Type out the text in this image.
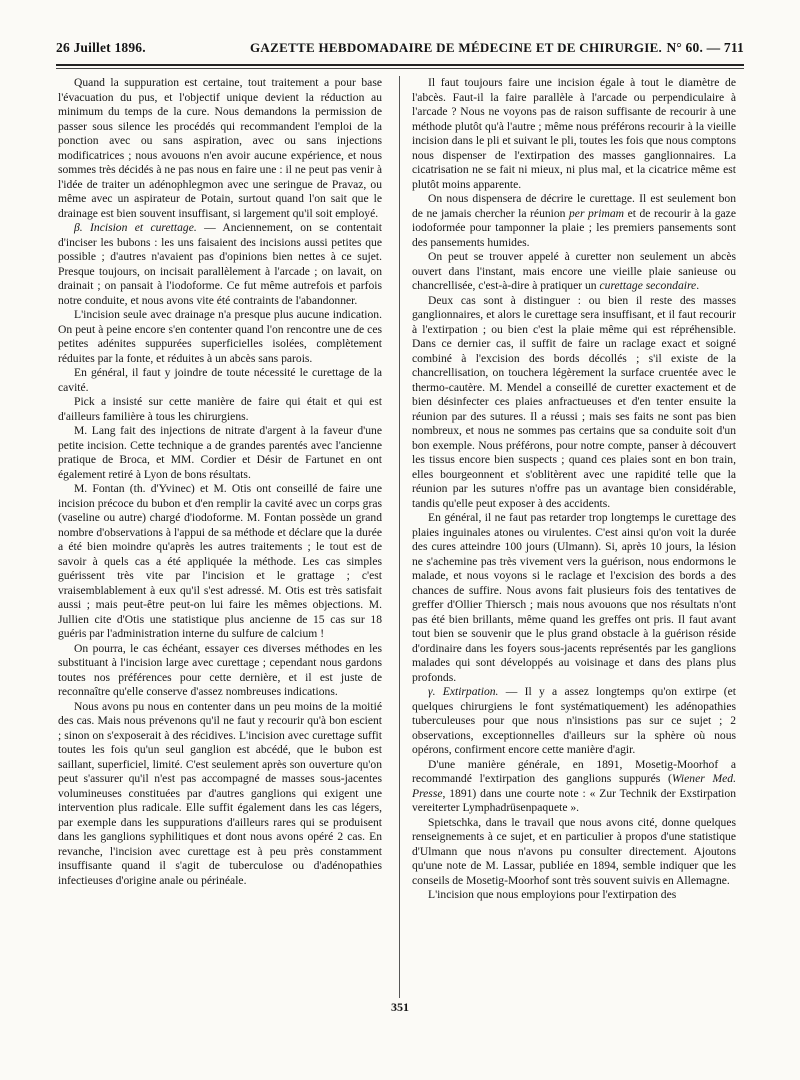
26 Juillet 1896.	GAZETTE HEBDOMADAIRE DE MÉDECINE ET DE CHIRURGIE. N° 60. — 711

Quand la suppuration est certaine, tout traitement a pour base l'évacuation du pus, et l'objectif unique devient la réduction au minimum du temps de la cure. Nous demandons la permission de passer sous silence les procédés qui recommandent l'emploi de la ponction avec ou sans aspiration, avec ou sans injections modificatrices ; nous avouons n'en avoir aucune expérience, et nous sommes très décidés à ne pas nous en faire une : il ne peut pas venir à l'idée de traiter un adénophlegmon avec une seringue de Pravaz, ou même avec un aspirateur de Potain, surtout quand l'on sait que le drainage est bien souvent insuffisant, si largement qu'il soit employé.

β. Incision et curettage. — Anciennement, on se contentait d'inciser les bubons : les uns faisaient des incisions aussi petites que possible ; d'autres n'avaient pas d'opinions bien nettes à ce sujet. Presque toujours, on incisait parallèlement à l'arcade ; on lavait, on drainait ; on pansait à l'iodoforme. Ce fut même autrefois et parfois notre conduite, et nous avons vite été contraints de l'abandonner.

L'incision seule avec drainage n'a presque plus aucune indication. On peut à peine encore s'en contenter quand l'on rencontre une de ces petites adénites suppurées superficielles isolées, complètement réduites par la fonte, et réduites à un abcès sans parois.

En général, il faut y joindre de toute nécessité le curettage de la cavité.

Pick a insisté sur cette manière de faire qui était et qui est d'ailleurs familière à tous les chirurgiens.

M. Lang fait des injections de nitrate d'argent à la faveur d'une petite incision. Cette technique a de grandes parentés avec l'ancienne pratique de Broca, et MM. Cordier et Désir de Fartunet en ont également retiré à Lyon de bons résultats.

M. Fontan (th. d'Yvinec) et M. Otis ont conseillé de faire une incision précoce du bubon et d'en remplir la cavité avec un corps gras (vaseline ou autre) chargé d'iodoforme. M. Fontan possède un grand nombre d'observations à l'appui de sa méthode et déclare que la durée a été bien moindre qu'après les autres traitements ; le tout est de savoir à quels cas a été appliquée la méthode. Les cas simples guérissent très vite par l'incision et le grattage ; c'est vraisemblablement à eux qu'il s'est adressé. M. Otis est très satisfait aussi ; mais peut-être peut-on lui faire les mêmes objections. M. Jullien cite d'Otis une statistique plus ancienne de 15 cas sur 18 guéris par l'administration interne du sulfure de calcium !

On pourra, le cas échéant, essayer ces diverses méthodes en les substituant à l'incision large avec curettage ; cependant nous gardons toutes nos préférences pour cette dernière, et il est juste de reconnaître qu'elle conserve d'assez nombreuses indications.

Nous avons pu nous en contenter dans un peu moins de la moitié des cas. Mais nous prévenons qu'il ne faut y recourir qu'à bon escient ; sinon on s'exposerait à des récidives. L'incision avec curettage suffit toutes les fois qu'un seul ganglion est abcédé, que le bubon est saillant, superficiel, limité. C'est seulement après son ouverture qu'on peut s'assurer qu'il n'est pas accompagné de masses sous-jacentes volumineuses constituées par d'autres ganglions qui exigent une intervention plus radicale. Elle suffit également dans les cas légers, par exemple dans les suppurations d'ailleurs rares qui se produisent dans les ganglions syphilitiques et dont nous avons opéré 2 cas. En revanche, l'incision avec curettage est à peu près constamment insuffisante quand il s'agit de tuberculose ou d'adénopathies infectieuses d'origine anale ou périnéale.

Il faut toujours faire une incision égale à tout le diamètre de l'abcès. Faut-il la faire parallèle à l'arcade ou perpendiculaire à l'arcade ? Nous ne voyons pas de raison suffisante de recourir à une méthode plutôt qu'à l'autre ; même nous préférons recourir à la vieille incision dans le pli et suivant le pli, toutes les fois que nous comptons nous dispenser de l'extirpation des masses ganglionnaires. La cicatrisation ne se fait ni mieux, ni plus mal, et la cicatrice même est plutôt moins apparente.

On nous dispensera de décrire le curettage. Il est seulement bon de ne jamais chercher la réunion per primam et de recourir à la gaze iodoformée pour tamponner la plaie ; les premiers pansements sont des pansements humides.

On peut se trouver appelé à curetter non seulement un abcès ouvert dans l'instant, mais encore une vieille plaie sanieuse ou chancrellisée, c'est-à-dire à pratiquer un curettage secondaire.

Deux cas sont à distinguer : ou bien il reste des masses ganglionnaires, et alors le curettage sera insuffisant, et il faut recourir à l'extirpation ; ou bien c'est la plaie même qui est répréhensible. Dans ce dernier cas, il suffit de faire un raclage exact et soigné combiné à l'excision des bords décollés ; s'il existe de la chancrellisation, on touchera légèrement la surface cruentée avec le thermo-cautère. M. Mendel a conseillé de curetter exactement et de bien désinfecter ces plaies anfractueuses et d'en tenter ensuite la réunion par des sutures. Il a réussi ; mais ses faits ne sont pas bien nombreux, et nous ne sommes pas certains que sa conduite soit d'un bon exemple. Nous préférons, pour notre compte, panser à découvert les tissus encore bien suspects ; quand ces plaies sont en bon train, elles bourgeonnent et s'oblitèrent avec une rapidité telle que la réunion par les sutures n'offre pas un avantage bien considérable, tandis qu'elle peut exposer à des accidents.

En général, il ne faut pas retarder trop longtemps le curettage des plaies inguinales atones ou virulentes. C'est ainsi qu'on voit la durée des cures atteindre 100 jours (Ulmann). Si, après 10 jours, la lésion ne s'achemine pas très vivement vers la guérison, nous endormons le malade, et nous voyons si le raclage et l'excision des bords a des chances de suffire. Nous avons fait plusieurs fois des tentatives de greffer d'Ollier Thiersch ; mais nous avouons que nos résultats n'ont pas été bien brillants, même quand les greffes ont pris. Il faut avant tout bien se souvenir que le plus grand obstacle à la guérison réside d'ordinaire dans les foyers sous-jacents représentés par les ganglions malades qui sont développés au voisinage et dans des plans plus profonds.

γ. Extirpation. — Il y a assez longtemps qu'on extirpe (et quelques chirurgiens le font systématiquement) les adénopathies tuberculeuses pour que nous n'insistions pas sur ce sujet ; 2 observations, exceptionnelles d'ailleurs sur la sphère où nous opérons, confirment encore cette manière d'agir.

D'une manière générale, en 1891, Mosetig-Moorhof a recommandé l'extirpation des ganglions suppurés (Wiener Med. Presse, 1891) dans une courte note : « Zur Technik der Exstirpation vereiterter Lymphadrüsenpaquete ».

Spietschka, dans le travail que nous avons cité, donne quelques renseignements à ce sujet, et en particulier à propos d'une statistique d'Ulmann que nous n'avons pu consulter directement. Ajoutons qu'une note de M. Lassar, publiée en 1894, semble indiquer que les conseils de Mosetig-Moorhof sont très souvent suivis en Allemagne.

L'incision que nous employions pour l'extirpation des

351
